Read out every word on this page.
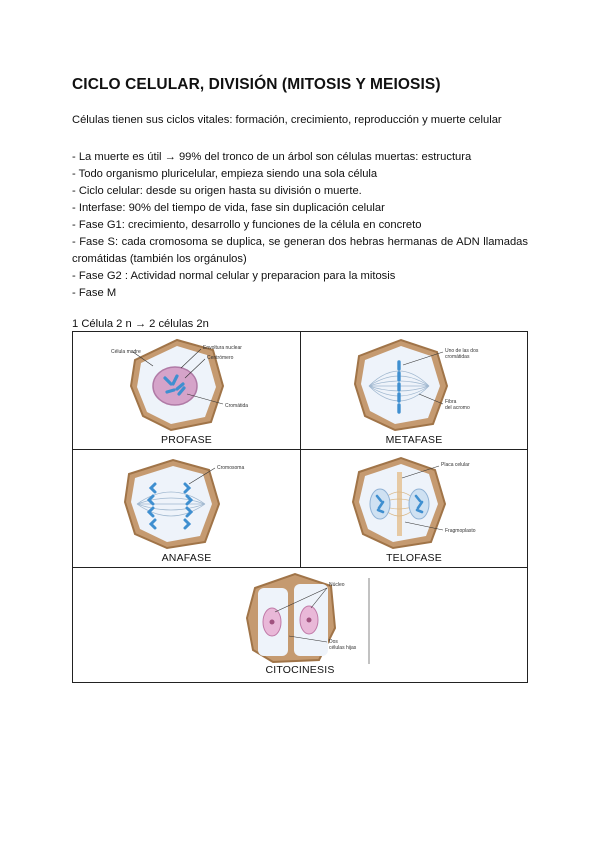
CICLO CELULAR, DIVISIÓN (MITOSIS Y MEIOSIS)
Células tienen sus ciclos vitales: formación, crecimiento, reproducción y muerte celular
- La muerte es útil → 99% del tronco de un árbol son células muertas: estructura
- Todo organismo pluricelular, empieza siendo una sola célula
- Ciclo celular: desde su origen hasta su división o muerte.
- Interfase: 90% del tiempo de vida, fase sin duplicación celular
- Fase G1: crecimiento, desarrollo y funciones de la célula en concreto
- Fase S: cada cromosoma se duplica, se generan dos hebras hermanas de ADN llamadas
cromátidas (también los orgánulos)
- Fase G2 : Actividad normal celular y preparacion para la mitosis
- Fase M
1 Célula 2 n → 2 células 2n
Célula madre
Envoltura nuclear
Centrómero
Cromátida
PROFASE
Uno de las dos
cromátidas
Fibra
del acromo
METAFASE
Cromosoma
ANAFASE
Placa celular
Fragmoplasto
TELOFASE
Núcleo
Dos
células hijas
CITOCINESIS
